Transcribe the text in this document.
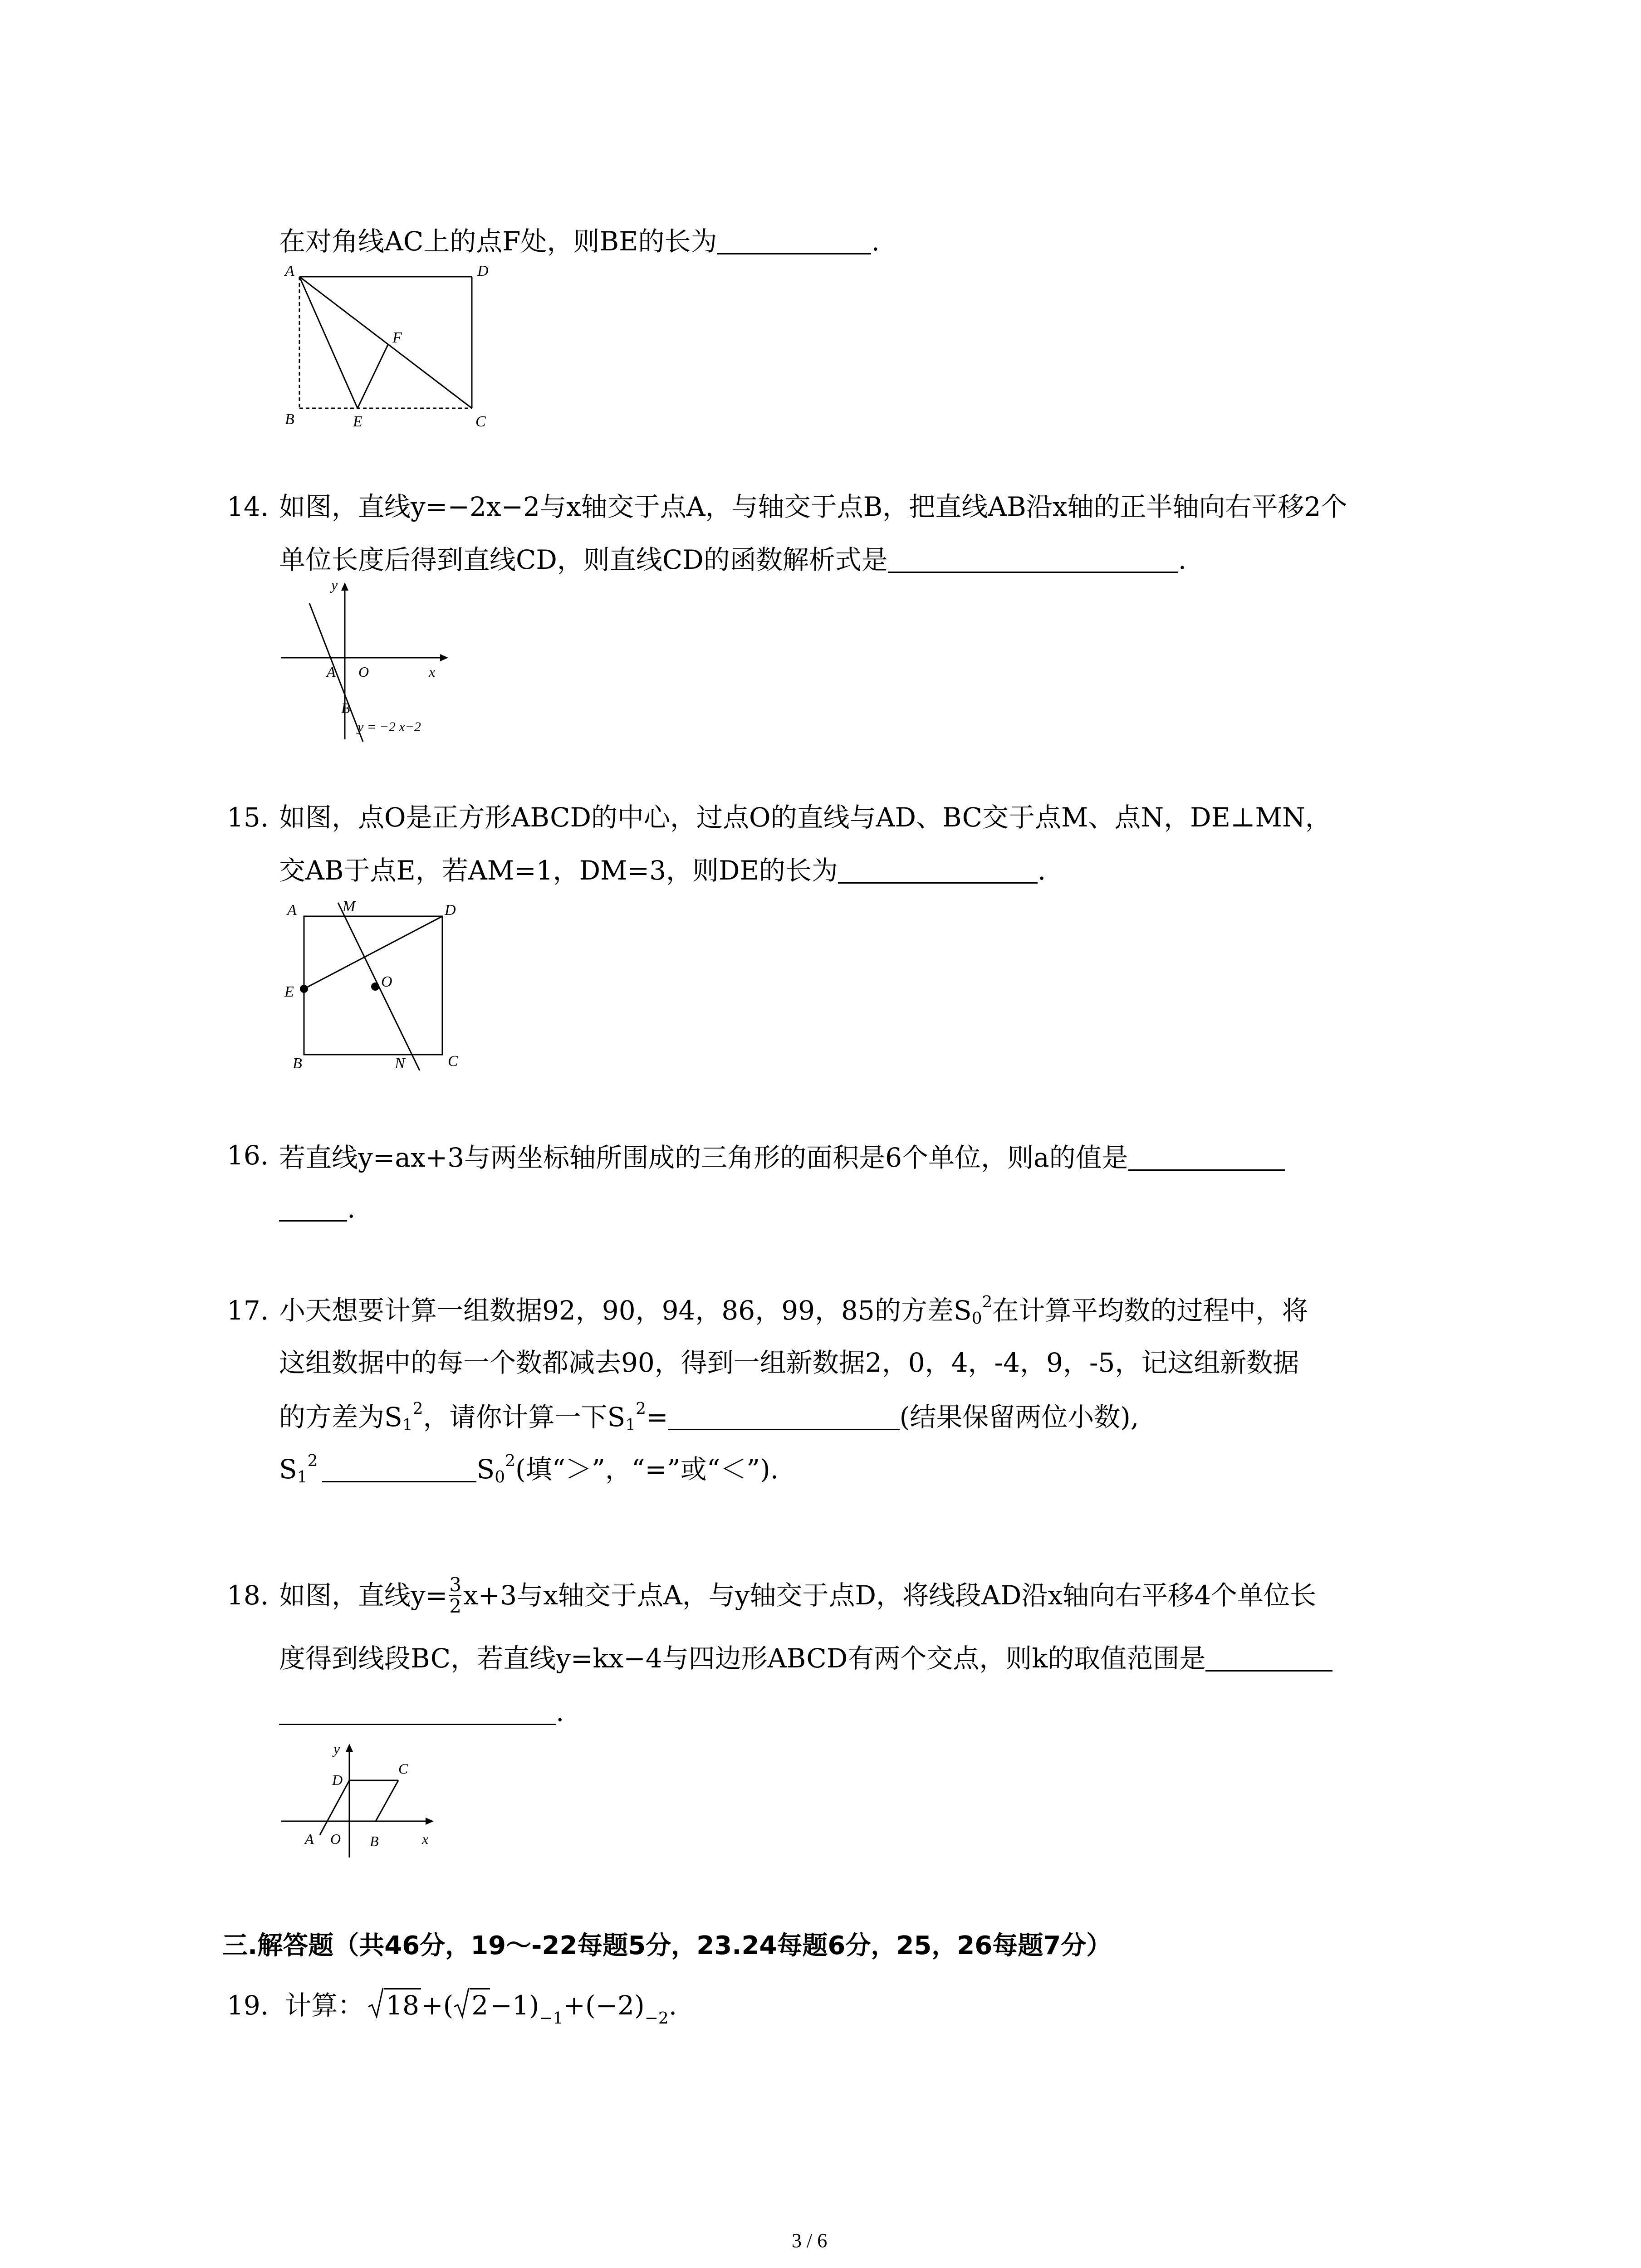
在对角线AC上的点F处，则BE的长为	.
A	D
F
B	E	C
14. 如图，直线y=−2x−2与x轴交于点A，与轴交于点B，把直线AB沿x轴的正半轴向右平移2个
单位长度后得到直线CD，则直线CD的函数解析式是	.
y
A O	x
B
y = −2 x−2
15. 如图，点O是正方形ABCD的中心，过点O的直线与AD、BC交于点M、点N，DE⊥MN，
交AB于点E，若AM=1，DM=3，则DE的长为	.
A	M	D
E
O
B	N	C
16. 若直线y=ax+3与两坐标轴所围成的三角形的面积是6个单位，则a的值是
.
17. 小天想要计算一组数据92，90，94，86，99，85的方差$S_0^2$在计算平均数的过程中，将
这组数据中的每一个数都减去90，得到一组新数据2，0，4，-4，9，-5，记这组新数据
的方差为$S_1^2$，请你计算一下$S_1^2=$	(结果保留两位小数),
$S_1^2$	$S_0^2$(填“＞”，“=”或“＜”).
18. 如图，直线$y= \frac{3}{2} x+3$与x轴交于点A，与y轴交于点D，将线段AD沿x轴向右平移4个单位长
度得到线段BC，若直线y=kx−4与四边形ABCD有两个交点，则k的取值范围是
.
y
D
C
A O B	x
三.解答题（共46分，19～-22每题5分，23.24每题6分，25，26每题7分）
19. 计算： 18 +( 2 −1) −1 +(−2) −2 .
3 / 6
